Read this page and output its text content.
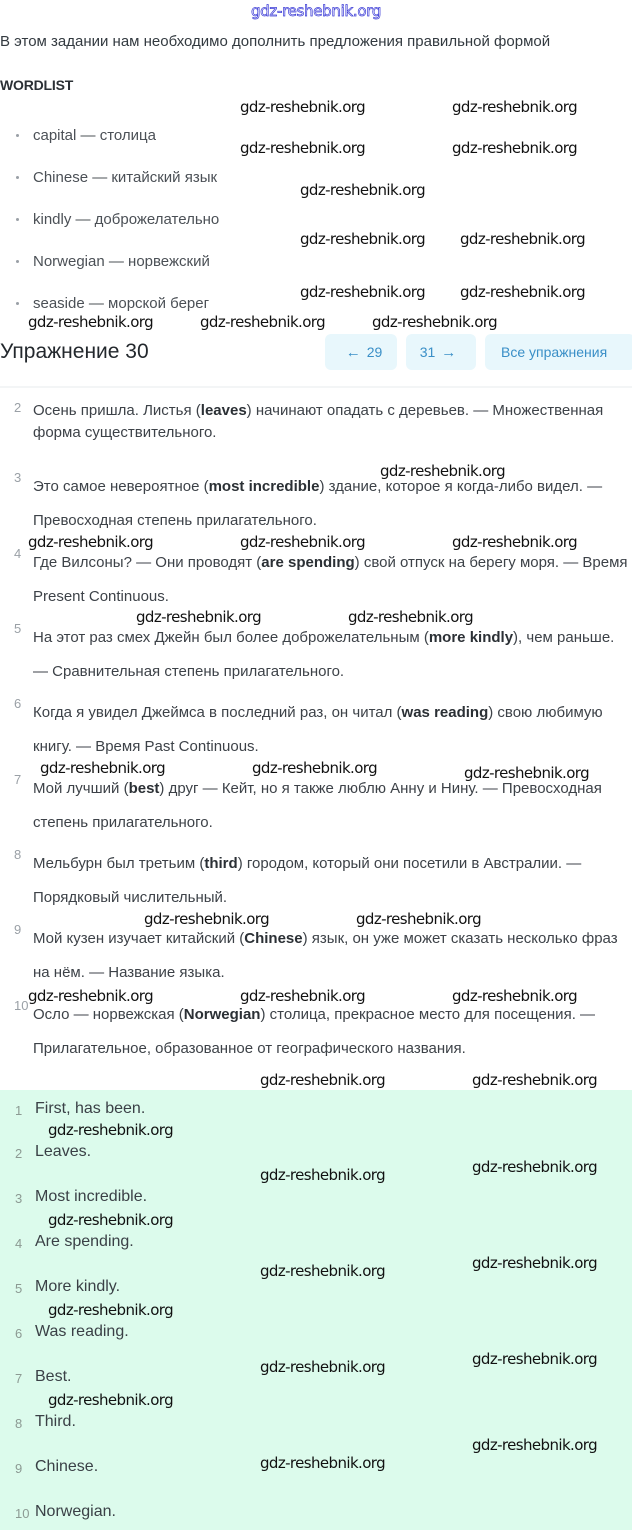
gdz-reshebnik.org
В этом задании нам необходимо дополнить предложения правильной формой
WORDLIST
capital — столица
Chinese — китайский язык
kindly — доброжелательно
Norwegian — норвежский
seaside — морской берег
Упражнение 30	← 29	31 →	Все упражнения
2 Осень пришла. Листья (leaves) начинают опадать с деревьев. — Множественная форма существительного.
3
Это самое невероятное (most incredible) здание, которое я когда-либо видел. — Превосходная степень прилагательного.
4
Где Вилсоны? — Они проводят (are spending) свой отпуск на берегу моря. — Время Present Continuous.
5
На этот раз смех Джейн был более доброжелательным (more kindly), чем раньше. — Сравнительная степень прилагательного.
6
Когда я увидел Джеймса в последний раз, он читал (was reading) свою любимую книгу. — Время Past Continuous.
7
Мой лучший (best) друг — Кейт, но я также люблю Анну и Нину. — Превосходная степень прилагательного.
8
Мельбурн был третьим (third) городом, который они посетили в Австралии. — Порядковый числительный.
9
Мой кузен изучает китайский (Chinese) язык, он уже может сказать несколько фраз на нём. — Название языка.
10
Осло — норвежская (Norwegian) столица, прекрасное место для посещения. — Прилагательное, образованное от географического названия.
1 First, has been.
2 Leaves.
3 Most incredible.
4 Are spending.
5 More kindly.
6 Was reading.
7 Best.
8 Third.
9 Chinese.
10 Norwegian.
gdz-reshebnik.org	gdz-reshebnik.org
gdz-reshebnik.org	gdz-reshebnik.org
gdz-reshebnik.org
gdz-reshebnik.org gdz-reshebnik.org
gdz-reshebnik.org gdz-reshebnik.org
gdz-reshebnik.org	gdz-reshebnik.org	gdz-reshebnik.org
gdz-reshebnik.org
gdz-reshebnik.org	gdz-reshebnik.org	gdz-reshebnik.org
gdz-reshebnik.org	gdz-reshebnik.org
gdz-reshebnik.org
gdz-reshebnik.org	gdz-reshebnik.org
gdz-reshebnik.org	gdz-reshebnik.org
gdz-reshebnik.org
gdz-reshebnik.org
gdz-reshebnik.org
gdz-reshebnik.org
gdz-reshebnik.org
gdz-reshebnik.org
gdz-reshebnik.org
gdz-reshebnik.org
gdz-reshebnik.org
gdz-reshebnik.org
gdz-reshebnik.org
gdz-reshebnik.org
gdz-reshebnik.org
gdz-reshebnik.org
gdz-reshebnik.org
gdz-reshebnik.org
gdz-reshebnik.org
